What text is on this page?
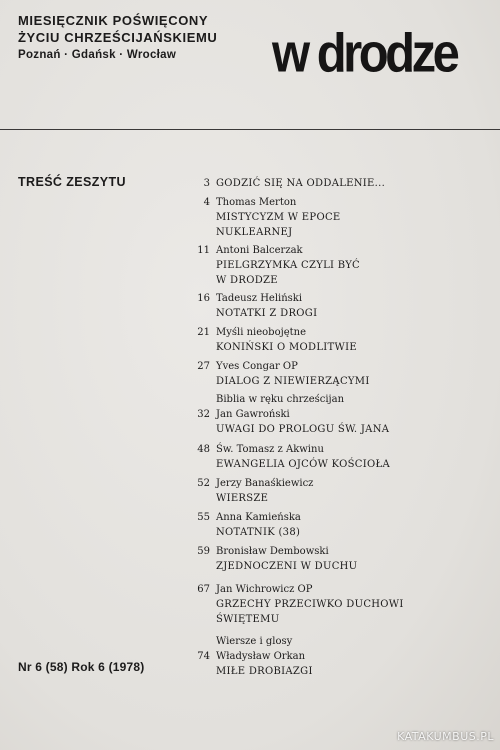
MIESIĘCZNIK POŚWIĘCONY
ŻYCIU CHRZEŚCIJAŃSKIEMU
Poznań · Gdańsk · Wrocław	w drodze
TREŚĆ ZESZYTU	3 GODZIĆ SIĘ NA ODDALENIE...
4 Thomas Merton
MISTYCYZM W EPOCE
NUKLEARNEJ
11 Antoni Balcerzak
PIELGRZYMKA CZYLI BYĆ
W DRODZE
16 Tadeusz Heliński
NOTATKI Z DROGI
21 Myśli nieobojętne
KONIŃSKI O MODLITWIE
27 Yves Congar OP
DIALOG Z NIEWIERZĄCYMI
Biblia w ręku chrześcijan
32 Jan Gawroński
UWAGI DO PROLOGU ŚW. JANA
48 Św. Tomasz z Akwinu
EWANGELIA OJCÓW KOŚCIOŁA
52 Jerzy Banaśkiewicz
WIERSZE
55 Anna Kamieńska
NOTATNIK (38)
59 Bronisław Dembowski
ZJEDNOCZENI W DUCHU
67 Jan Wichrowicz OP
GRZECHY PRZECIWKO DUCHOWI
ŚWIĘTEMU
Wiersze i glosy
74 Władysław Orkan
MIŁE DROBIAZGI
Nr 6 (58) Rok 6 (1978)
KATAKUMBUS.PL
